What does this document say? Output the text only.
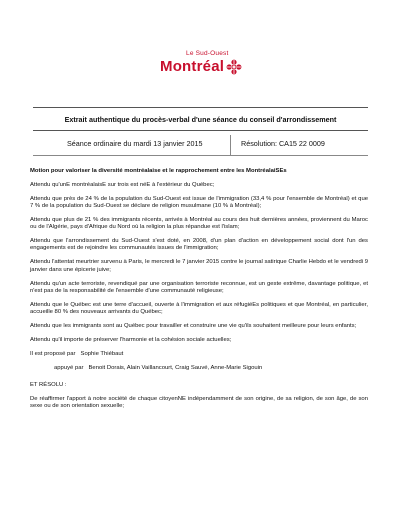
Le Sud-Ouest
Montréal
Extrait authentique du procès-verbal d'une séance du conseil d'arrondissement
Séance ordinaire du mardi 13 janvier 2015	Résolution: CA15 22 0009

Motion pour valoriser la diversité montréalaise et le rapprochement entre les MontréalaiSEs

Attendu qu'unE montréalaisE sur trois est néE à l'extérieur du Québec;

Attendu que près de 24 % de la population du Sud-Ouest est issue de l'immigration (33,4 % pour l'ensemble de Montréal) et que 7 % de la population du Sud-Ouest se déclare de religion musulmane (10 % à Montréal);

Attendu que plus de 21 % des immigrants récents, arrivés à Montréal au cours des huit dernières années, proviennent du Maroc ou de l'Algérie, pays d'Afrique du Nord où la religion la plus répandue est l'islam;

Attendu que l'arrondissement du Sud-Ouest s'est doté, en 2008, d'un plan d'action en développement social dont l'un des engagements est de rejoindre les communautés issues de l'immigration;

Attendu l'attentat meurtrier survenu à Paris, le mercredi le 7 janvier 2015 contre le journal satirique Charlie Hebdo et le vendredi 9 janvier dans une épicerie juive;

Attendu qu'un acte terroriste, revendiqué par une organisation terroriste reconnue, est un geste extrême, davantage politique, et n'est pas de la responsabilité de l'ensemble d'une communauté religieuse;

Attendu que le Québec est une terre d'accueil, ouverte à l'immigration et aux réfugiéEs politiques et que Montréal, en particulier, accueille 80 % des nouveaux arrivants du Québec;

Attendu que les immigrants sont au Québec pour travailler et construire une vie qu'ils souhaitent meilleure pour leurs enfants;

Attendu qu'il importe de préserver l'harmonie et la cohésion sociale actuelles;

Il est proposé par Sophie Thiébaut
appuyé par Benoit Dorais, Alain Vaillancourt, Craig Sauvé, Anne-Marie Sigouin

ET RÉSOLU :

De réaffirmer l'apport à notre société de chaque citoyenNE indépendamment de son origine, de sa religion, de son âge, de son sexe ou de son orientation sexuelle;
